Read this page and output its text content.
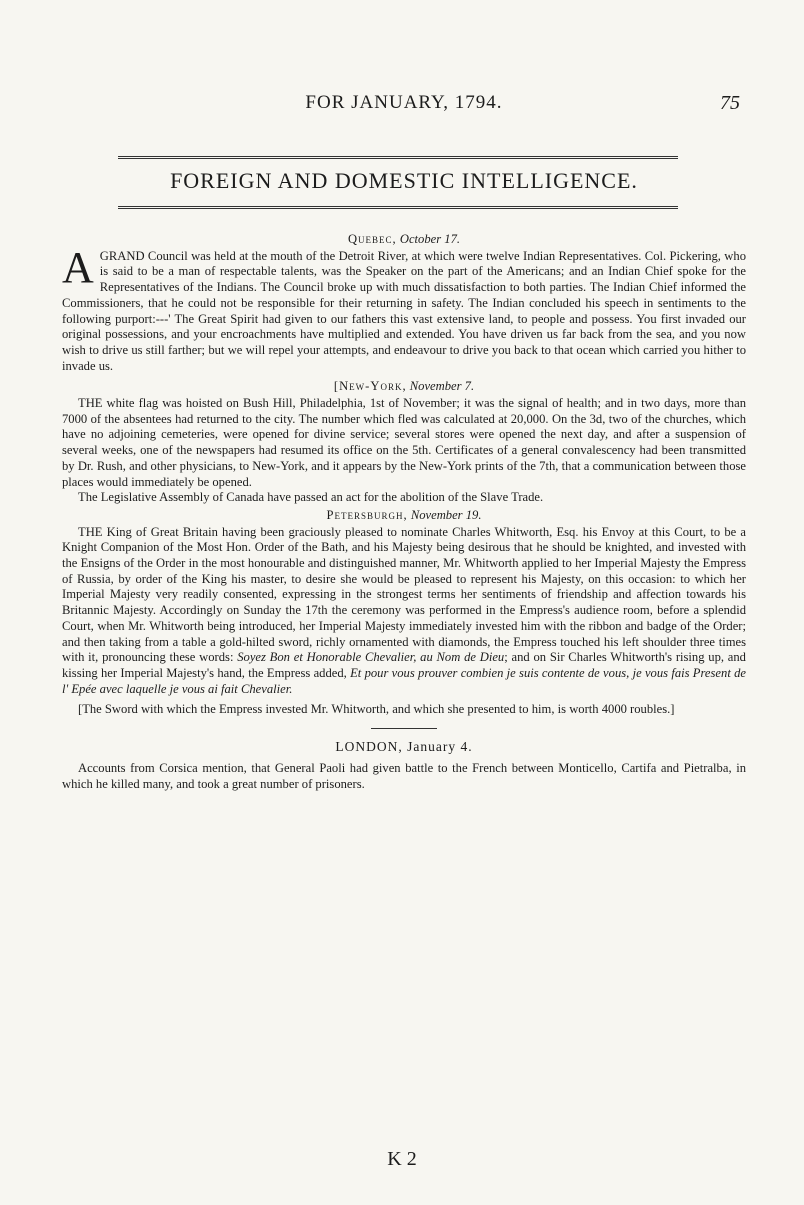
FOR JANUARY, 1794.	75
FOREIGN AND DOMESTIC INTELLIGENCE.
Quebec, October 17.

AGRAND Council was held at the mouth of the Detroit River, at which were twelve Indian Representatives. Col. Pickering, who is said to be a man of respectable talents, was the Speaker on the part of the Americans; and an Indian Chief spoke for the Representatives of the Indians. The Council broke up with much dissatisfaction to both parties. The Indian Chief informed the Commissioners, that he could not be responsible for their returning in safety. The Indian concluded his speech in sentiments to the following purport:---' The Great Spirit had given to our fathers this vast extensive land, to people and possess. You first invaded our original possessions, and your encroachments have multiplied and extended. You have driven us far back from the sea, and you now wish to drive us still farther; but we will repel your attempts, and endeavour to drive you back to that ocean which carried you hither to invade us.

[New-York, November 7.

THE white flag was hoisted on Bush Hill, Philadelphia, 1st of November; it was the signal of health; and in two days, more than 7000 of the absentees had returned to the city. The number which fled was calculated at 20,000. On the 3d, two of the churches, which have no adjoining cemeteries, were opened for divine service; several stores were opened the next day, and after a suspension of several weeks, one of the newspapers had resumed its office on the 5th. Certificates of a general convalescency had been transmitted by Dr. Rush, and other physicians, to New-York, and it appears by the New-York prints of the 7th, that a communication between those places would immediately be opened.

The Legislative Assembly of Canada have passed an act for the abolition of the Slave Trade.

Petersburgh, November 19.

THE King of Great Britain having been graciously pleased to nominate Charles Whitworth, Esq. his Envoy at this Court, to be a Knight Companion of the Most Hon. Order of the Bath, and his Majesty being desirous that he should be knighted, and invested with the Ensigns of the Order in the most honourable and distinguished manner, Mr. Whitworth applied to her Imperial Majesty the Empress of Russia, by order of the King his master, to desire she would be pleased to represent his Majesty, on this occasion: to which her Imperial Majesty very readily consented, expressing in the strongest terms her sentiments of friendship and affection towards his Britannic Majesty. Accordingly on Sunday the 17th the ceremony was performed in the Empress's audience room, before a splendid Court, when Mr. Whitworth being introduced, her Imperial Majesty immediately invested him with the ribbon and badge of the Order; and then taking from a table a gold-hilted sword, richly ornamented with diamonds, the Empress touched his left shoulder three times with it, pronouncing these words: Soyez Bon et Honorable Chevalier, au Nom de Dieu; and on Sir Charles Whitworth's rising up, and kissing her Imperial Majesty's hand, the Empress added, Et pour vous prouver combien je suis contente de vous, je vous fais Present de l' Epée avec laquelle je vous ai fait Chevalier.

[The Sword with which the Empress invested Mr. Whitworth, and which she presented to him, is worth 4000 roubles.]

LONDON, January 4.

Accounts from Corsica mention, that General Paoli had given battle to the French between Monticello, Cartifa and Pietralba, in which he killed many, and took a great number of prisoners.

K 2
